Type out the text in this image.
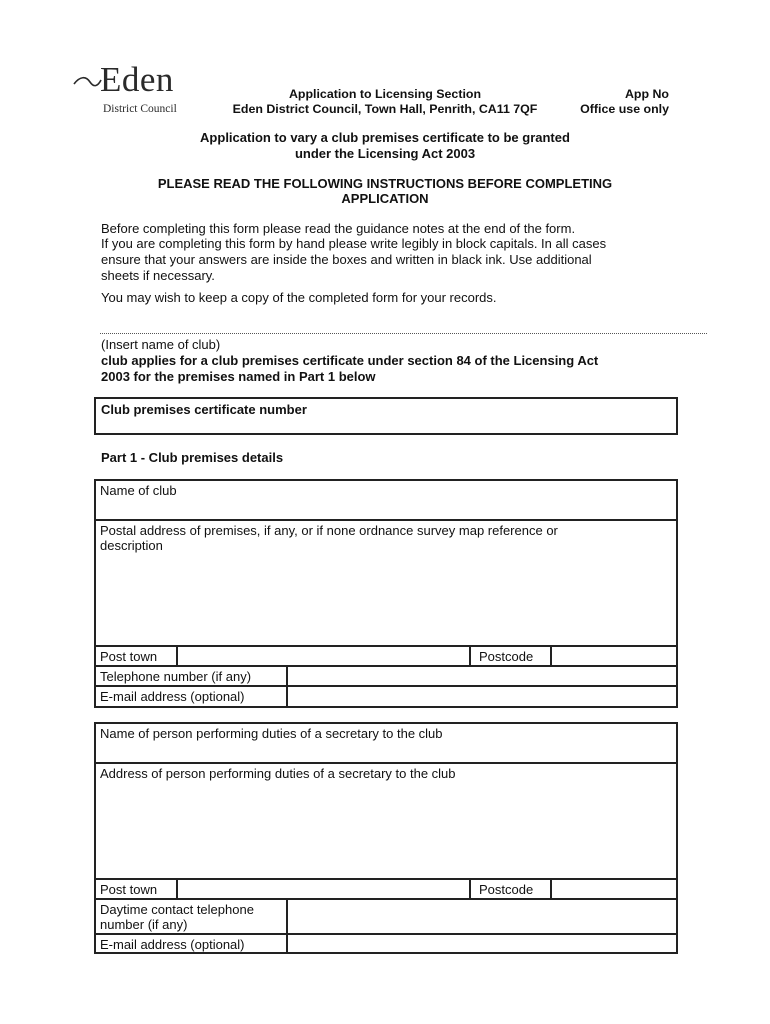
Eden
District Council
Application to Licensing Section
Eden District Council, Town Hall, Penrith, CA11 7QF
App No
Office use only
Application to vary a club premises certificate to be granted
under the Licensing Act 2003
PLEASE READ THE FOLLOWING INSTRUCTIONS BEFORE COMPLETING
APPLICATION
Before completing this form please read the guidance notes at the end of the form.
If you are completing this form by hand please write legibly in block capitals. In all cases
ensure that your answers are inside the boxes and written in black ink. Use additional
sheets if necessary.
You may wish to keep a copy of the completed form for your records.
(Insert name of club)
club applies for a club premises certificate under section 84 of the Licensing Act
2003 for the premises named in Part 1 below
Club premises certificate number
Part 1 - Club premises details
Name of club
Postal address of premises, if any, or if none ordnance survey map reference or
description
Post town	Postcode
Telephone number (if any)
E-mail address (optional)
Name of person performing duties of a secretary to the club
Address of person performing duties of a secretary to the club
Post town	Postcode
Daytime contact telephone
number (if any)
E-mail address (optional)
